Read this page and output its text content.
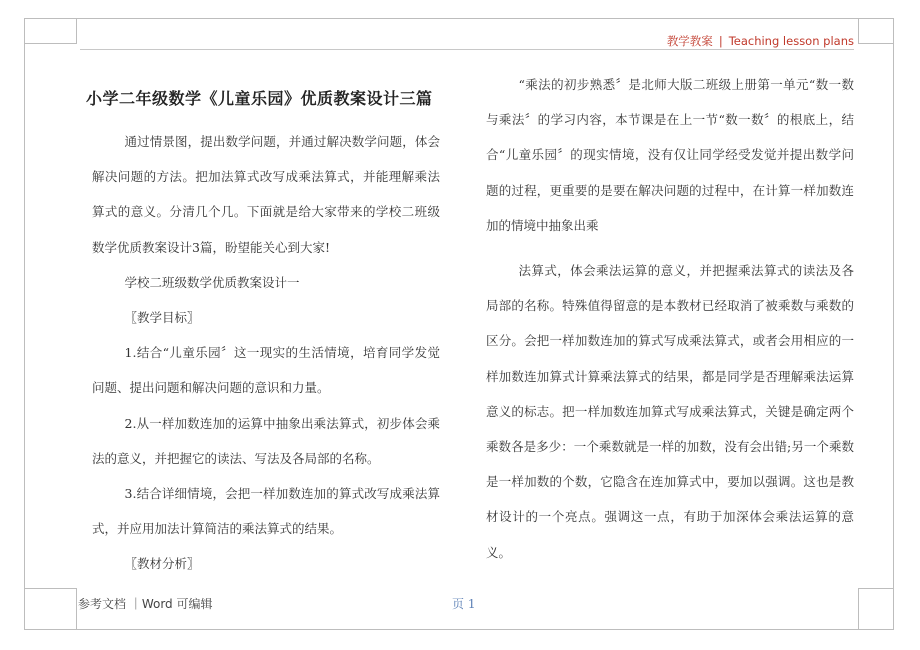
教学教案 | Teaching lesson plans
小学二年级数学《儿童乐园》优质教案设计三篇

通过情景图，提出数学问题，并通过解决数学问题，体会解决问题的方法。把加法算式改写成乘法算式，并能理解乘法算式的意义。分清几个几。下面就是给大家带来的学校二班级数学优质教案设计3篇，盼望能关心到大家!

学校二班级数学优质教案设计一

〖教学目标〗

1.结合“儿童乐园〞这一现实的生活情境，培育同学发觉问题、提出问题和解决问题的意识和力量。

2.从一样加数连加的运算中抽象出乘法算式，初步体会乘法的意义，并把握它的读法、写法及各局部的名称。

3.结合详细情境，会把一样加数连加的算式改写成乘法算式，并应用加法计算简洁的乘法算式的结果。

〖教材分析〗

“乘法的初步熟悉〞是北师大版二班级上册第一单元“数一数与乘法〞的学习内容，本节课是在上一节“数一数〞的根底上，结合“儿童乐园〞的现实情境，没有仅让同学经受发觉并提出数学问题的过程，更重要的是要在解决问题的过程中，在计算一样加数连加的情境中抽象出乘

法算式，体会乘法运算的意义，并把握乘法算式的读法及各局部的名称。特殊值得留意的是本教材已经取消了被乘数与乘数的区分。会把一样加数连加的算式写成乘法算式，或者会用相应的一样加数连加算式计算乘法算式的结果，都是同学是否理解乘法运算意义的标志。把一样加数连加算式写成乘法算式，关键是确定两个乘数各是多少：一个乘数就是一样的加数，没有会出错;另一个乘数是一样加数的个数，它隐含在连加算式中，要加以强调。这也是教材设计的一个亮点。强调这一点，有助于加深体会乘法运算的意义。

参考文档 ｜Word 可编辑	页 1
